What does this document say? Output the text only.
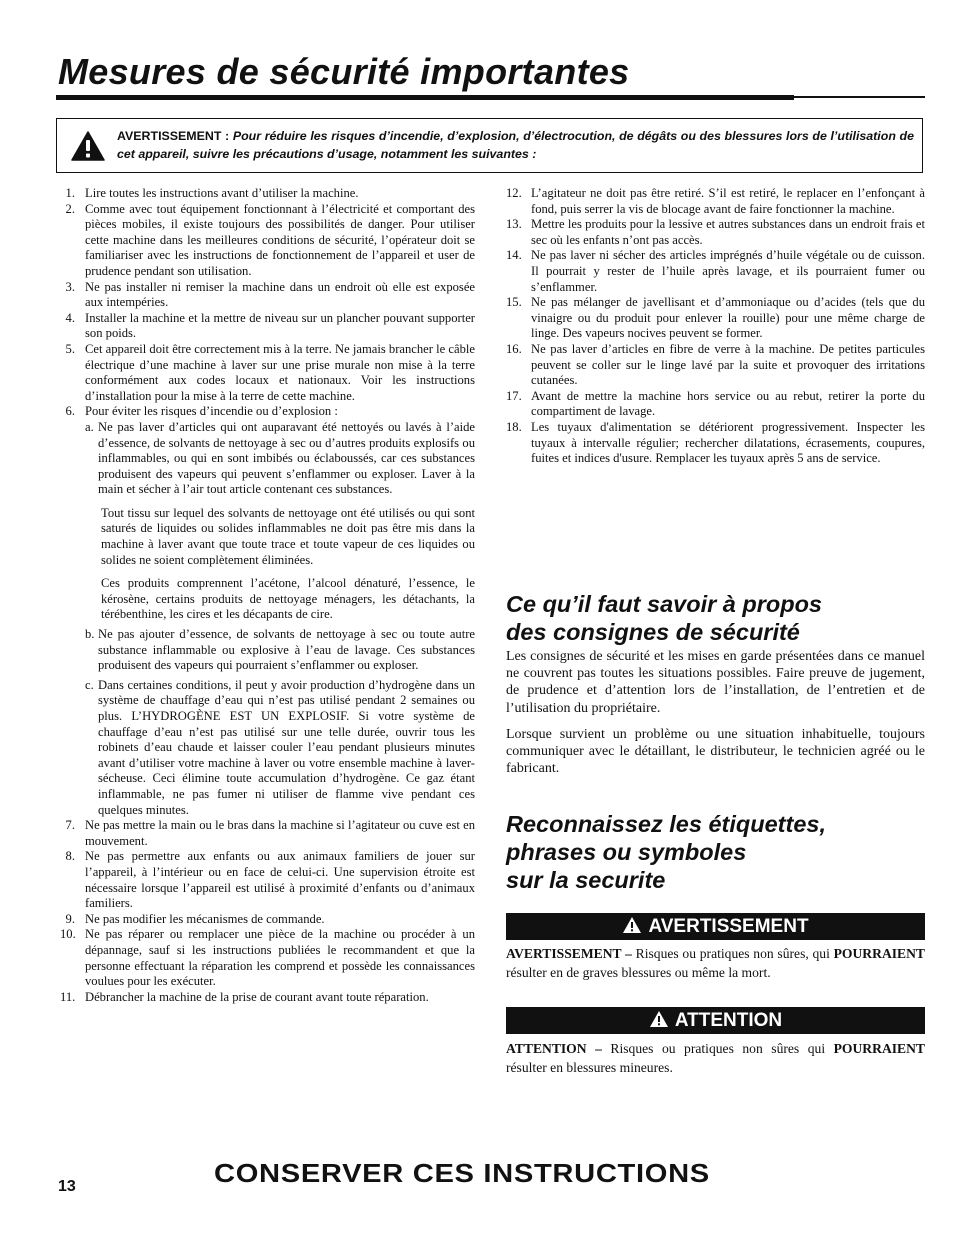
Mesures de sécurité importantes
AVERTISSEMENT : Pour réduire les risques d’incendie, d’explosion, d’électrocution, de dégâts ou des blessures lors de l’utilisation de cet appareil, suivre les précautions d’usage, notamment les suivantes :
1. Lire toutes les instructions avant d’utiliser la machine.
2. Comme avec tout équipement fonctionnant à l’électricité et comportant des pièces mobiles, il existe toujours des possibilités de danger. Pour utiliser cette machine dans les meilleures conditions de sécurité, l’opérateur doit se familiariser avec les instructions de fonctionnement de l’appareil et user de prudence pendant son utilisation.
3. Ne pas installer ni remiser la machine dans un endroit où elle est exposée aux intempéries.
4. Installer la machine et la mettre de niveau sur un plancher pouvant supporter son poids.
5. Cet appareil doit être correctement mis à la terre. Ne jamais brancher le câble électrique d’une machine à laver sur une prise murale non mise à la terre conformément aux codes locaux et nationaux. Voir les instructions d’installation pour la mise à la terre de cette machine.
6. Pour éviter les risques d’incendie ou d’explosion :
a. Ne pas laver d’articles qui ont auparavant été nettoyés ou lavés à l’aide d’essence, de solvants de nettoyage à sec ou d’autres produits explosifs ou inflammables, ou qui en sont imbibés ou éclaboussés, car ces substances produisent des vapeurs qui peuvent s’enflammer ou exploser. Laver à la main et sécher à l’air tout article contenant ces substances.
Tout tissu sur lequel des solvants de nettoyage ont été utilisés ou qui sont saturés de liquides ou solides inflammables ne doit pas être mis dans la machine à laver avant que toute trace et toute vapeur de ces liquides ou solides ne soient complètement éliminées.
Ces produits comprennent l’acétone, l’alcool dénaturé, l’essence, le kérosène, certains produits de nettoyage ménagers, les détachants, la térébenthine, les cires et les décapants de cire.
b. Ne pas ajouter d’essence, de solvants de nettoyage à sec ou toute autre substance inflammable ou explosive à l’eau de lavage. Ces substances produisent des vapeurs qui pourraient s’enflammer ou exploser.
c. Dans certaines conditions, il peut y avoir production d’hydrogène dans un système de chauffage d’eau qui n’est pas utilisé pendant 2 semaines ou plus. L’HYDROGÈNE EST UN EXPLOSIF. Si votre système de chauffage d’eau n’est pas utilisé sur une telle durée, ouvrir tous les robinets d’eau chaude et laisser couler l’eau pendant plusieurs minutes avant d’utiliser votre machine à laver ou votre ensemble machine à laver-sécheuse. Ceci élimine toute accumulation d’hydrogène. Ce gaz étant inflammable, ne pas fumer ni utiliser de flamme vive pendant ces quelques minutes.
7. Ne pas mettre la main ou le bras dans la machine si l’agitateur ou cuve est en mouvement.
8. Ne pas permettre aux enfants ou aux animaux familiers de jouer sur l’appareil, à l’intérieur ou en face de celui-ci. Une supervision étroite est nécessaire lorsque l’appareil est utilisé à proximité d’enfants ou d’animaux familiers.
9. Ne pas modifier les mécanismes de commande.
10. Ne pas réparer ou remplacer une pièce de la machine ou procéder à un dépannage, sauf si les instructions publiées le recommandent et que la personne effectuant la réparation les comprend et possède les connaissances voulues pour les exécuter.
11. Débrancher la machine de la prise de courant avant toute réparation.
12. L’agitateur ne doit pas être retiré. S’il est retiré, le replacer en l’enfonçant à fond, puis serrer la vis de blocage avant de faire fonctionner la machine.
13. Mettre les produits pour la lessive et autres substances dans un endroit frais et sec où les enfants n’ont pas accès.
14. Ne pas laver ni sécher des articles imprégnés d’huile végétale ou de cuisson. Il pourrait y rester de l’huile après lavage, et ils pourraient fumer ou s’enflammer.
15. Ne pas mélanger de javellisant et d’ammoniaque ou d’acides (tels que du vinaigre ou du produit pour enlever la rouille) pour une même charge de linge. Des vapeurs nocives peuvent se former.
16. Ne pas laver d’articles en fibre de verre à la machine. De petites particules peuvent se coller sur le linge lavé par la suite et provoquer des irritations cutanées.
17. Avant de mettre la machine hors service ou au rebut, retirer la porte du compartiment de lavage.
18. Les tuyaux d'alimentation se détériorent progressivement. Inspecter les tuyaux à intervalle régulier; rechercher dilatations, écrasements, coupures, fuites et indices d'usure. Remplacer les tuyaux après 5 ans de service.
Ce qu’il faut savoir à propos
des consignes de sécurité
Les consignes de sécurité et les mises en garde présentées dans ce manuel ne couvrent pas toutes les situations possibles. Faire preuve de jugement, de prudence et d’attention lors de l’installation, de l’entretien et de l’utilisation du propriétaire.
Lorsque survient un problème ou une situation inhabituelle, toujours communiquer avec le détaillant, le distributeur, le technicien agréé ou le fabricant.
Reconnaissez les étiquettes,
phrases ou symboles
sur la securite
AVERTISSEMENT
AVERTISSEMENT – Risques ou pratiques non sûres, qui POURRAIENT résulter en de graves blessures ou même la mort.
ATTENTION
ATTENTION – Risques ou pratiques non sûres qui POURRAIENT résulter en blessures mineures.
13	CONSERVER CES INSTRUCTIONS
